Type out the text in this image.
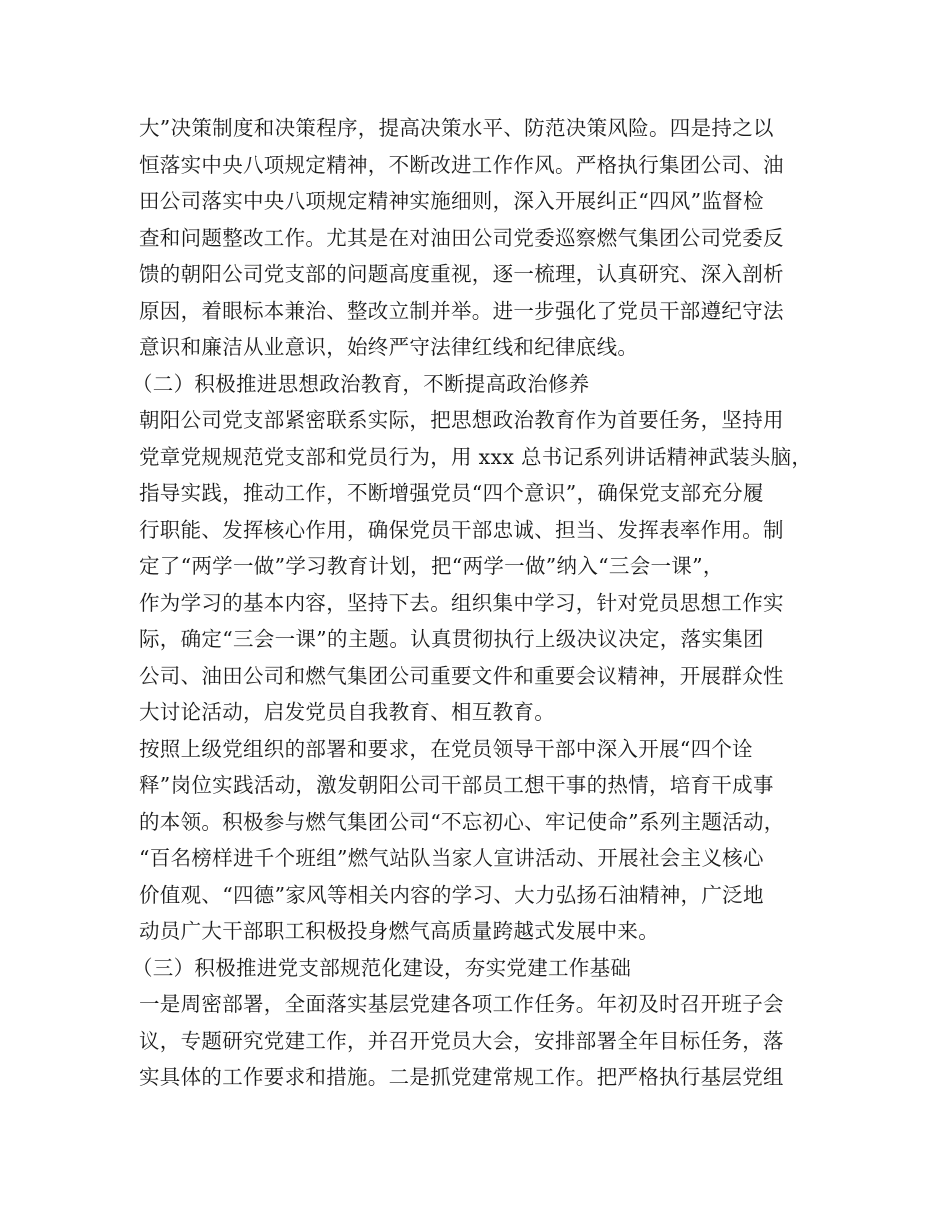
大”决策制度和决策程序，提高决策水平、防范决策风险。四是持之以
恒落实中央八项规定精神，不断改进工作作风。严格执行集团公司、油
田公司落实中央八项规定精神实施细则，深入开展纠正“四风”监督检
查和问题整改工作。尤其是在对油田公司党委巡察燃气集团公司党委反
馈的朝阳公司党支部的问题高度重视，逐一梳理，认真研究、深入剖析
原因，着眼标本兼治、整改立制并举。进一步强化了党员干部遵纪守法
意识和廉洁从业意识，始终严守法律红线和纪律底线。
（二）积极推进思想政治教育，不断提高政治修养
朝阳公司党支部紧密联系实际，把思想政治教育作为首要任务，坚持用
党章党规规范党支部和党员行为，用 xxx 总书记系列讲话精神武装头脑，
指导实践，推动工作，不断增强党员“四个意识”，确保党支部充分履
行职能、发挥核心作用，确保党员干部忠诚、担当、发挥表率作用。制
定了“两学一做”学习教育计划，把“两学一做”纳入“三会一课”，
作为学习的基本内容，坚持下去。组织集中学习，针对党员思想工作实
际，确定“三会一课”的主题。认真贯彻执行上级决议决定，落实集团
公司、油田公司和燃气集团公司重要文件和重要会议精神，开展群众性
大讨论活动，启发党员自我教育、相互教育。
按照上级党组织的部署和要求，在党员领导干部中深入开展“四个诠
释”岗位实践活动，激发朝阳公司干部员工想干事的热情，培育干成事
的本领。积极参与燃气集团公司“不忘初心、牢记使命”系列主题活动，
“百名榜样进千个班组”燃气站队当家人宣讲活动、开展社会主义核心
价值观、“四德”家风等相关内容的学习、大力弘扬石油精神，广泛地
动员广大干部职工积极投身燃气高质量跨越式发展中来。
（三）积极推进党支部规范化建设，夯实党建工作基础
一是周密部署，全面落实基层党建各项工作任务。年初及时召开班子会
议，专题研究党建工作，并召开党员大会，安排部署全年目标任务，落
实具体的工作要求和措施。二是抓党建常规工作。把严格执行基层党组
